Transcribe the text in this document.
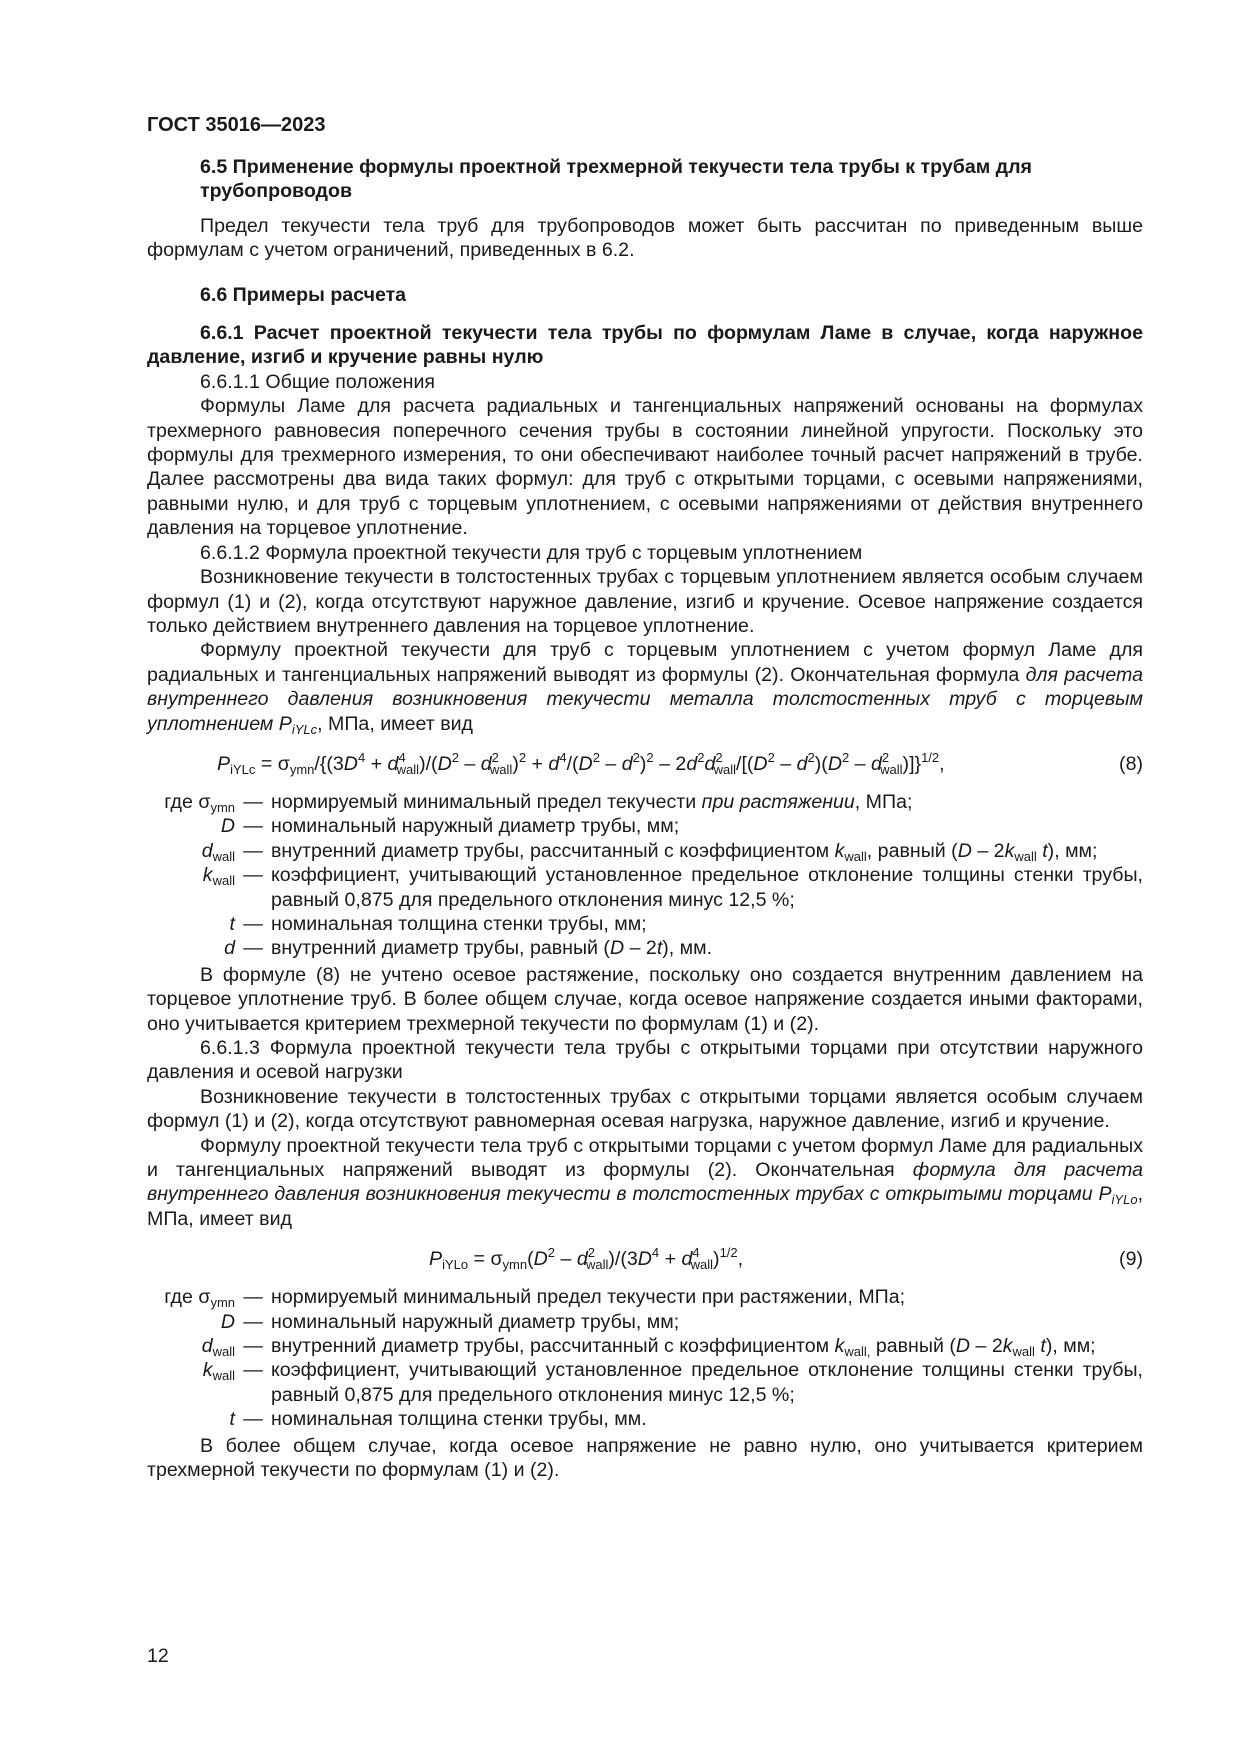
ГОСТ 35016—2023

6.5 Применение формулы проектной трехмерной текучести тела трубы к трубам для трубопроводов

Предел текучести тела труб для трубопроводов может быть рассчитан по приведенным выше формулам с учетом ограничений, приведенных в 6.2.

6.6 Примеры расчета

6.6.1 Расчет проектной текучести тела трубы по формулам Ламе в случае, когда наружное давление, изгиб и кручение равны нулю

6.6.1.1 Общие положения

Формулы Ламе для расчета радиальных и тангенциальных напряжений основаны на формулах трехмерного равновесия поперечного сечения трубы в состоянии линейной упругости. Поскольку это формулы для трехмерного измерения, то они обеспечивают наиболее точный расчет напряжений в трубе. Далее рассмотрены два вида таких формул: для труб с открытыми торцами, с осевыми напряжениями, равными нулю, и для труб с торцевым уплотнением, с осевыми напряжениями от действия внутреннего давления на торцевое уплотнение.

6.6.1.2 Формула проектной текучести для труб с торцевым уплотнением

Возникновение текучести в толстостенных трубах с торцевым уплотнением является особым случаем формул (1) и (2), когда отсутствуют наружное давление, изгиб и кручение. Осевое напряжение создается только действием внутреннего давления на торцевое уплотнение.

Формулу проектной текучести для труб с торцевым уплотнением с учетом формул Ламе для радиальных и тангенциальных напряжений выводят из формулы (2). Окончательная формула для расчета внутреннего давления возникновения текучести металла толстостенных труб с торцевым уплотнением $P_{iYLc}$, МПа, имеет вид

$P_{iYLc} = \sigma_{ymn}/\{(3D^4 + d^4_{wall})/(D^2 - d^2_{wall})^2 + d^4/(D^2 - d^2)^2 - 2d^2d^2_{wall}/[(D^2 - d^2)(D^2 - d^2_{wall})]\}^{1/2}$,	(8)
где $\sigma_{ymn}$	—	нормируемый минимальный предел текучести при растяжении, МПа;
D	—	номинальный наружный диаметр трубы, мм;
$d_{wall}$	—	внутренний диаметр трубы, рассчитанный с коэффициентом $k_{wall}$, равный ($D - 2k_{wall}$ t), мм;
$k_{wall}$	—	коэффициент, учитывающий установленное предельное отклонение толщины стенки трубы, равный 0,875 для предельного отклонения минус 12,5 %;
t	—	номинальная толщина стенки трубы, мм;
d	—	внутренний диаметр трубы, равный (D – 2t), мм.

В формуле (8) не учтено осевое растяжение, поскольку оно создается внутренним давлением на торцевое уплотнение труб. В более общем случае, когда осевое напряжение создается иными факторами, оно учитывается критерием трехмерной текучести по формулам (1) и (2).

6.6.1.3 Формула проектной текучести тела трубы с открытыми торцами при отсутствии наружного давления и осевой нагрузки

Возникновение текучести в толстостенных трубах с открытыми торцами является особым случаем формул (1) и (2), когда отсутствуют равномерная осевая нагрузка, наружное давление, изгиб и кручение.

Формулу проектной текучести тела труб с открытыми торцами с учетом формул Ламе для радиальных и тангенциальных напряжений выводят из формулы (2). Окончательная формула для расчета внутреннего давления возникновения текучести в толстостенных трубах с открытыми торцами $P_{iYLo}$, МПа, имеет вид

$P_{iYLo} = \sigma_{ymn}(D^2 - d^2_{wall})/(3D^4 + d^4_{wall})^{1/2}$,	(9)
где $\sigma_{ymn}$	—	нормируемый минимальный предел текучести при растяжении, МПа;
D	—	номинальный наружный диаметр трубы, мм;
$d_{wall}$	—	внутренний диаметр трубы, рассчитанный с коэффициентом $k_{wall,}$ равный ($D - 2k_{wall}$ t), мм;
$k_{wall}$	—	коэффициент, учитывающий установленное предельное отклонение толщины стенки трубы, равный 0,875 для предельного отклонения минус 12,5 %;
t	—	номинальная толщина стенки трубы, мм.

В более общем случае, когда осевое напряжение не равно нулю, оно учитывается критерием трехмерной текучести по формулам (1) и (2).

12
